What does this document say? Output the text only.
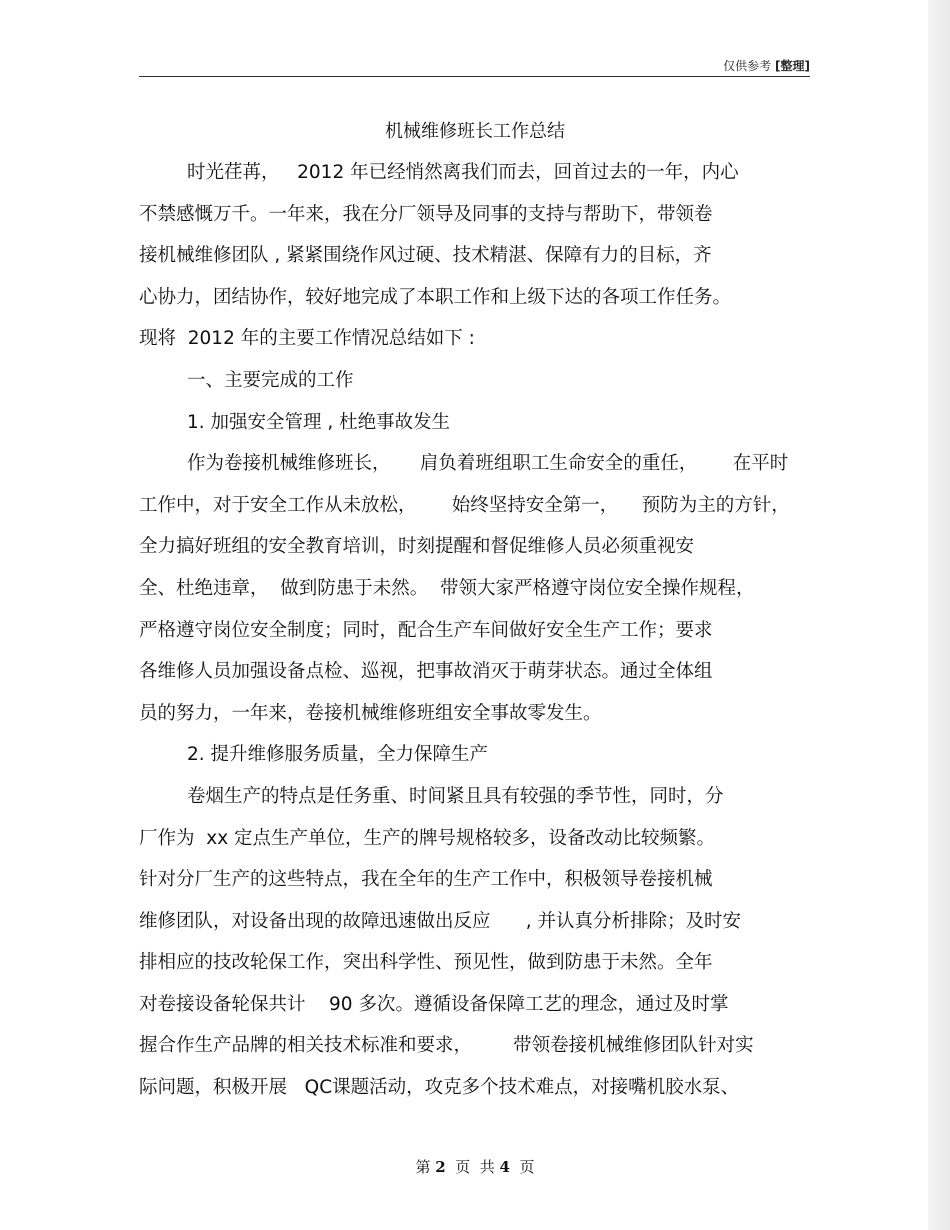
仅供参考 [整理]
机械维修班长工作总结
时光荏苒，   2012 年已经悄然离我们而去，回首过去的一年，内心
不禁感慨万千。一年来，我在分厂领导及同事的支持与帮助下，带领卷
接机械维修团队 , 紧紧围绕作风过硬、技术精湛、保障有力的目标，齐
心协力，团结协作，较好地完成了本职工作和上级下达的各项工作任务。
现将  2012 年的主要工作情况总结如下 :
一、主要完成的工作
1. 加强安全管理 , 杜绝事故发生
作为卷接机械维修班长，     肩负着班组职工生命安全的重任，      在平时
工作中，对于安全工作从未放松，      始终坚持安全第一，    预防为主的方针，
全力搞好班组的安全教育培训，时刻提醒和督促维修人员必须重视安
全、杜绝违章，  做到防患于未然。  带领大家严格遵守岗位安全操作规程，
严格遵守岗位安全制度；同时，配合生产车间做好安全生产工作；要求
各维修人员加强设备点检、巡视，把事故消灭于萌芽状态。通过全体组
员的努力，一年来，卷接机械维修班组安全事故零发生。
2. 提升维修服务质量，全力保障生产
卷烟生产的特点是任务重、时间紧且具有较强的季节性，同时，分
厂作为  xx 定点生产单位，生产的牌号规格较多，设备改动比较频繁。
针对分厂生产的这些特点，我在全年的生产工作中，积极领导卷接机械
维修团队，对设备出现的故障迅速做出反应      , 并认真分析排除；及时安
排相应的技改轮保工作，突出科学性、预见性，做到防患于未然。全年
对卷接设备轮保共计    90 多次。遵循设备保障工艺的理念，通过及时掌
握合作生产品牌的相关技术标准和要求，       带领卷接机械维修团队针对实
际问题，积极开展   QC课题活动，攻克多个技术难点，对接嘴机胶水泵、
第 2  页  共 4  页
